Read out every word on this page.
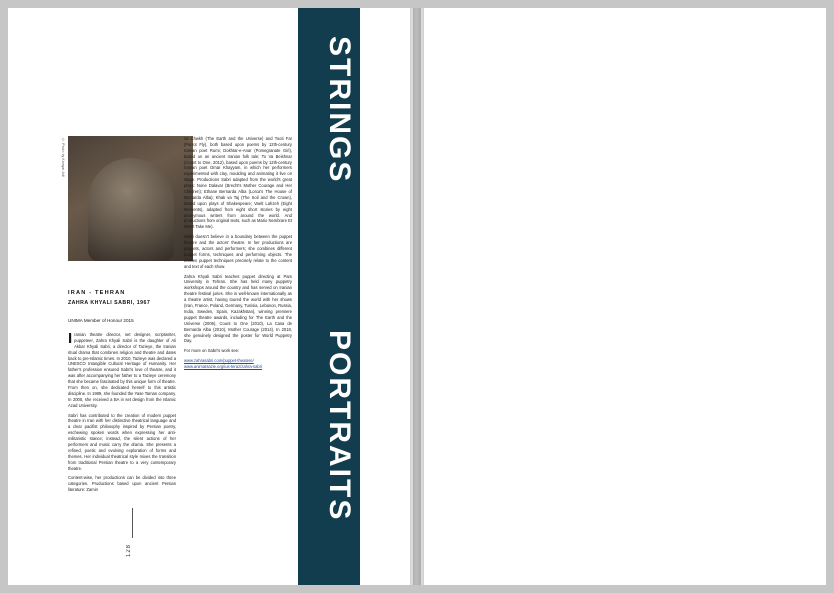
LIFE ON
© Photo by Kamyar Adl
IRAN - TEHRAN
ZAHRA KHYALI SABRI, 1967
UNIMA Member of Honour 2015

Iranian theatre director, set designer, scriptwriter, puppeteer, Zahra Khyali Sabri is the daughter of Ali Akbar Khyali Sabri, a director of Tazieye, the Iranian ritual drama that combines religion and theatre and dates back to pre-Islamic times. In 2010, Tazieye was declared a UNESCO Intangible Cultural Heritage of Humanity. Her father's profession ensured Sabri's love of theatre, and it was after accompanying her father to a Tazieye ceremony that she became fascinated by this unique form of theatre. From then on, she dedicated herself to this artistic discipline. In 1989, she founded the Yase Taman company. In 2000, she received a BA in set design from the Islamic Azad University.

Sabri has contributed to the creation of modern puppet theatre in Iran with her distinctive theatrical language and a clear pacifist philosophy inspired by Persian poetry, eschewing spoken words when expressing her anti-militaristic stance; instead, the silent actions of her performers and music carry the drama. She presents a refined, poetic and evolving exploration of forms and themes. Her individual theatrical style mixes the transition from traditional Persian theatre to a very contemporary theatre.

Content-wise, her productions can be divided into three categories. Productions based upon ancient Persian literature: Zamin

va Chwkh (The Earth and the Universe) and Tooti Far (Parrot Fly), both based upon poems by 12th-century Iranian poet Rumi; Dokhtar-e-Anar (Pomegranate Girl), based on an ancient Iranian folk tale; To Va Beishnar (Count to One, 2012), based upon poems by 12th-century Iranian poet Omar Khayyam, in which her performers experimented with clay, moulding and animating it live on stage. Productions Sabri adapted from the world's great plays: None Dalavar (Brecht's Mother Courage and Her Children); Ethane Bernarda Alba (Lorca's The House of Bernarda Alba); Khak va Taj (The Soil and the Crown), based upon plays of Shakespeare; Vaelt Lahzeh (Eight Moments), adapted from eight short stories by eight anonymous writers from around the world. And productions from original texts, such as Mario Nembrare Et Won't Take Me).

Sabri doesn't believe in a boundary between the puppet theatre and the actors' theatre. In her productions are puppets, actors and performers; she combines different puppet forms, techniques and performing objects. The chosen puppet techniques precisely relate to the content and text of each show.

Zahra Khyali Sabri teaches puppet directing at Pars University in Tehran. She has held many puppetry workshops around the country and has served on Iranian theatre festival juries. She is well-known internationally as a theatre artist, having toured the world with her shows (Iran, France, Poland, Germany, Tunisia, Lebanon, Russia, India, Sweden, Spain, Kazakhstan), winning premiere puppet theatre awards, including for The Earth and the Universe (2006), Count to One (2010), La Casa de Bernarda Alba (2010), Mother Courage (2014). In 2018, she genuinely designed the poster for World Puppetry Day.

For more on Sabri's work see:

www.zahrasabri.com/puppet-theatere/
www.animatsazie.org/ius-teraz/zahra-sabri

128

STRINGS
PORTRAITS
